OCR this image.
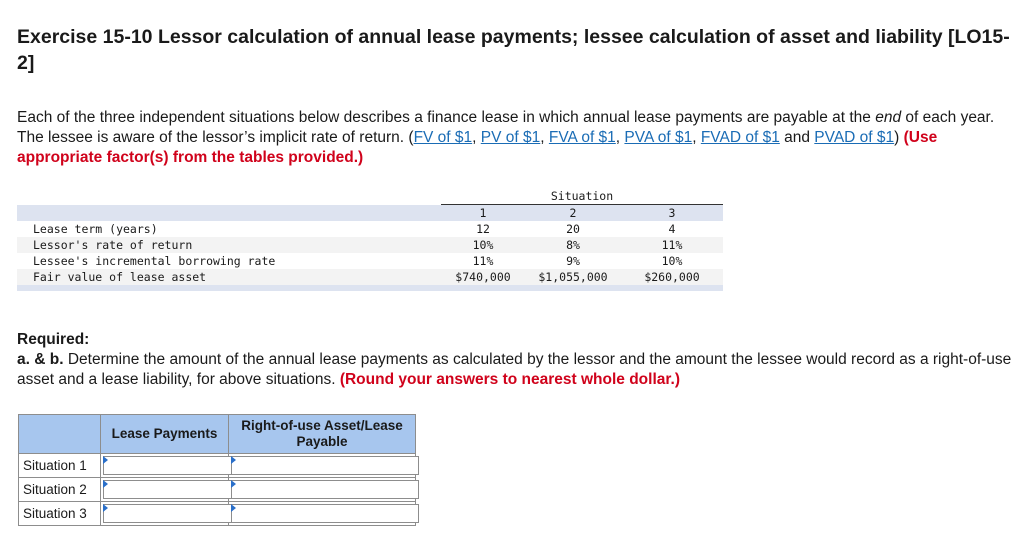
Exercise 15-10 Lessor calculation of annual lease payments; lessee calculation of asset and liability [LO15-2]
Each of the three independent situations below describes a finance lease in which annual lease payments are payable at the end of each year. The lessee is aware of the lessor’s implicit rate of return. (FV of $1, PV of $1, FVA of $1, PVA of $1, FVAD of $1 and PVAD of $1) (Use appropriate factor(s) from the tables provided.)
	Situation		
	1	2	3
Lease term (years)	12	20	4
Lessor's rate of return	10%	8%	11%
Lessee's incremental borrowing rate	11%	9%	10%
Fair value of lease asset	$740,000	$1,055,000	$260,000

Required:
a. & b. Determine the amount of the annual lease payments as calculated by the lessor and the amount the lessee would record as a right-of-use asset and a lease liability, for above situations. (Round your answers to nearest whole dollar.)
	Lease Payments	Right-of-use Asset/Lease Payable
Situation 1	

Situation 2	

Situation 3	
